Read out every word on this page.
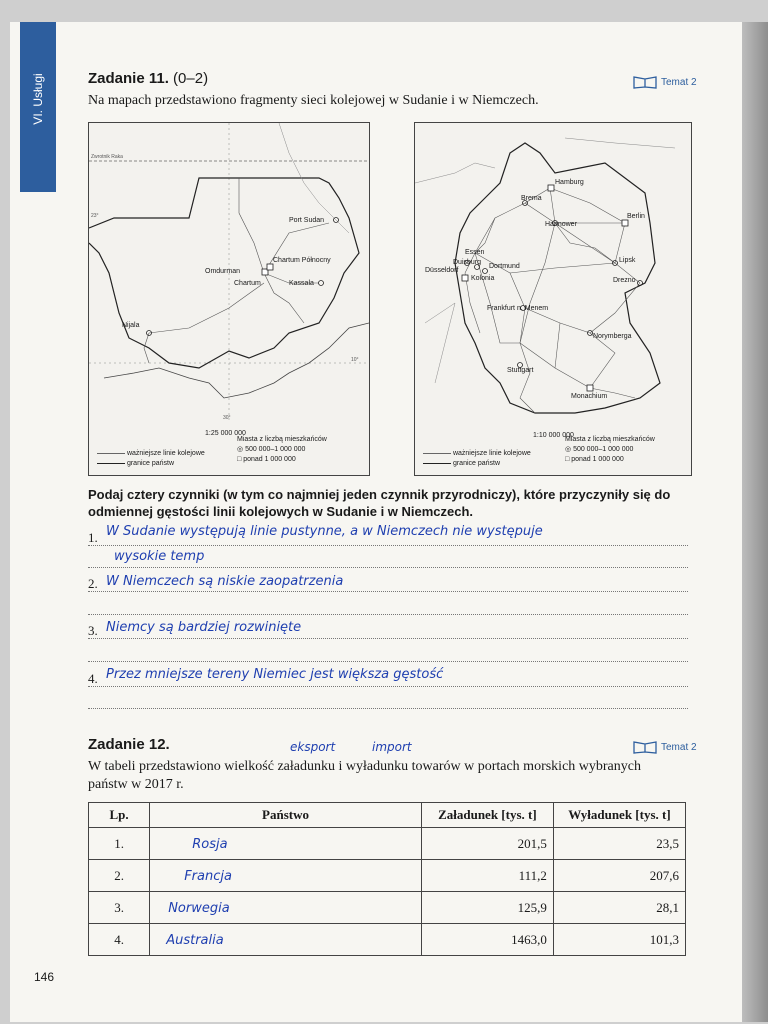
VI. Usługi	Zadanie 11. (0–2)	Temat 2
Na mapach przedstawiono fragmenty sieci kolejowej w Sudanie i w Niemczech.
Zwrotnik Raka
23°
10°
30°
Port Sudan
Omdurman
Chartum Północny
Chartum	Kassala
Nijala
1:25 000 000
ważniejsze linie kolejowe
granice państw
Miasta z liczbą mieszkańców
◎ 500 000–1 000 000
□ ponad 1 000 000
Hamburg
Brema
Hannower
Berlin
Essen
Duisburg
Düsseldorf
Dortmund
Kolonia
Lipsk
Drezno
Frankfurt n. Menem
Norymberga
Stuttgart
Monachium
1:10 000 000
ważniejsze linie kolejowe
granice państw
Miasta z liczbą mieszkańców
◎ 500 000–1 000 000
□ ponad 1 000 000
Podaj cztery czynniki (w tym co najmniej jeden czynnik przyrodniczy), które przyczyniły się do odmiennej gęstości linii kolejowych w Sudanie i w Niemczech.
1. W Sudanie występują linie pustynne, a w Niemczech nie występuje
wysokie temp
2. W Niemczech są niskie zaopatrzenia
3. Niemcy są bardziej rozwinięte
4. Przez mniejsze tereny Niemiec jest większa gęstość
Zadanie 12.	Temat 2
eksport	import
W tabeli przedstawiono wielkość załadunku i wyładunku towarów w portach morskich wybranych państw w 2017 r.
Lp.	Państwo	Załadunek [tys. t]	Wyładunek [tys. t]
1.	Rosja	201,5	23,5
2.	Francja	111,2	207,6
3.	Norwegia	125,9	28,1
4.	Australia	1463,0	101,3
146
